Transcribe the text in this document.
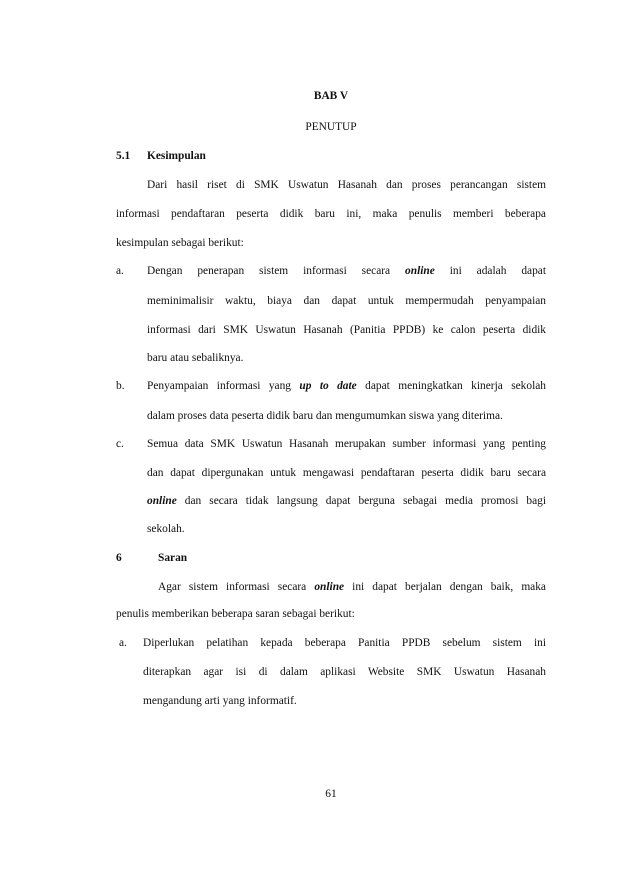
BAB V
PENUTUP
5.1 Kesimpulan
Dari hasil riset di SMK Uswatun Hasanah dan proses perancangan sistem
informasi pendaftaran peserta didik baru ini, maka penulis memberi beberapa
kesimpulan sebagai berikut:
a. Dengan penerapan sistem informasi secara online ini adalah dapat
meminimalisir waktu, biaya dan dapat untuk mempermudah penyampaian
informasi dari SMK Uswatun Hasanah (Panitia PPDB) ke calon peserta didik
baru atau sebaliknya.
b. Penyampaian informasi yang up to date dapat meningkatkan kinerja sekolah
dalam proses data peserta didik baru dan mengumumkan siswa yang diterima.
c. Semua data SMK Uswatun Hasanah merupakan sumber informasi yang penting
dan dapat dipergunakan untuk mengawasi pendaftaran peserta didik baru secara
online dan secara tidak langsung dapat berguna sebagai media promosi bagi
sekolah.
6	Saran
Agar sistem informasi secara online ini dapat berjalan dengan baik, maka
penulis memberikan beberapa saran sebagai berikut:
a. Diperlukan pelatihan kepada beberapa Panitia PPDB sebelum sistem ini
diterapkan agar isi di dalam aplikasi Website SMK Uswatun Hasanah
mengandung arti yang informatif.
61
